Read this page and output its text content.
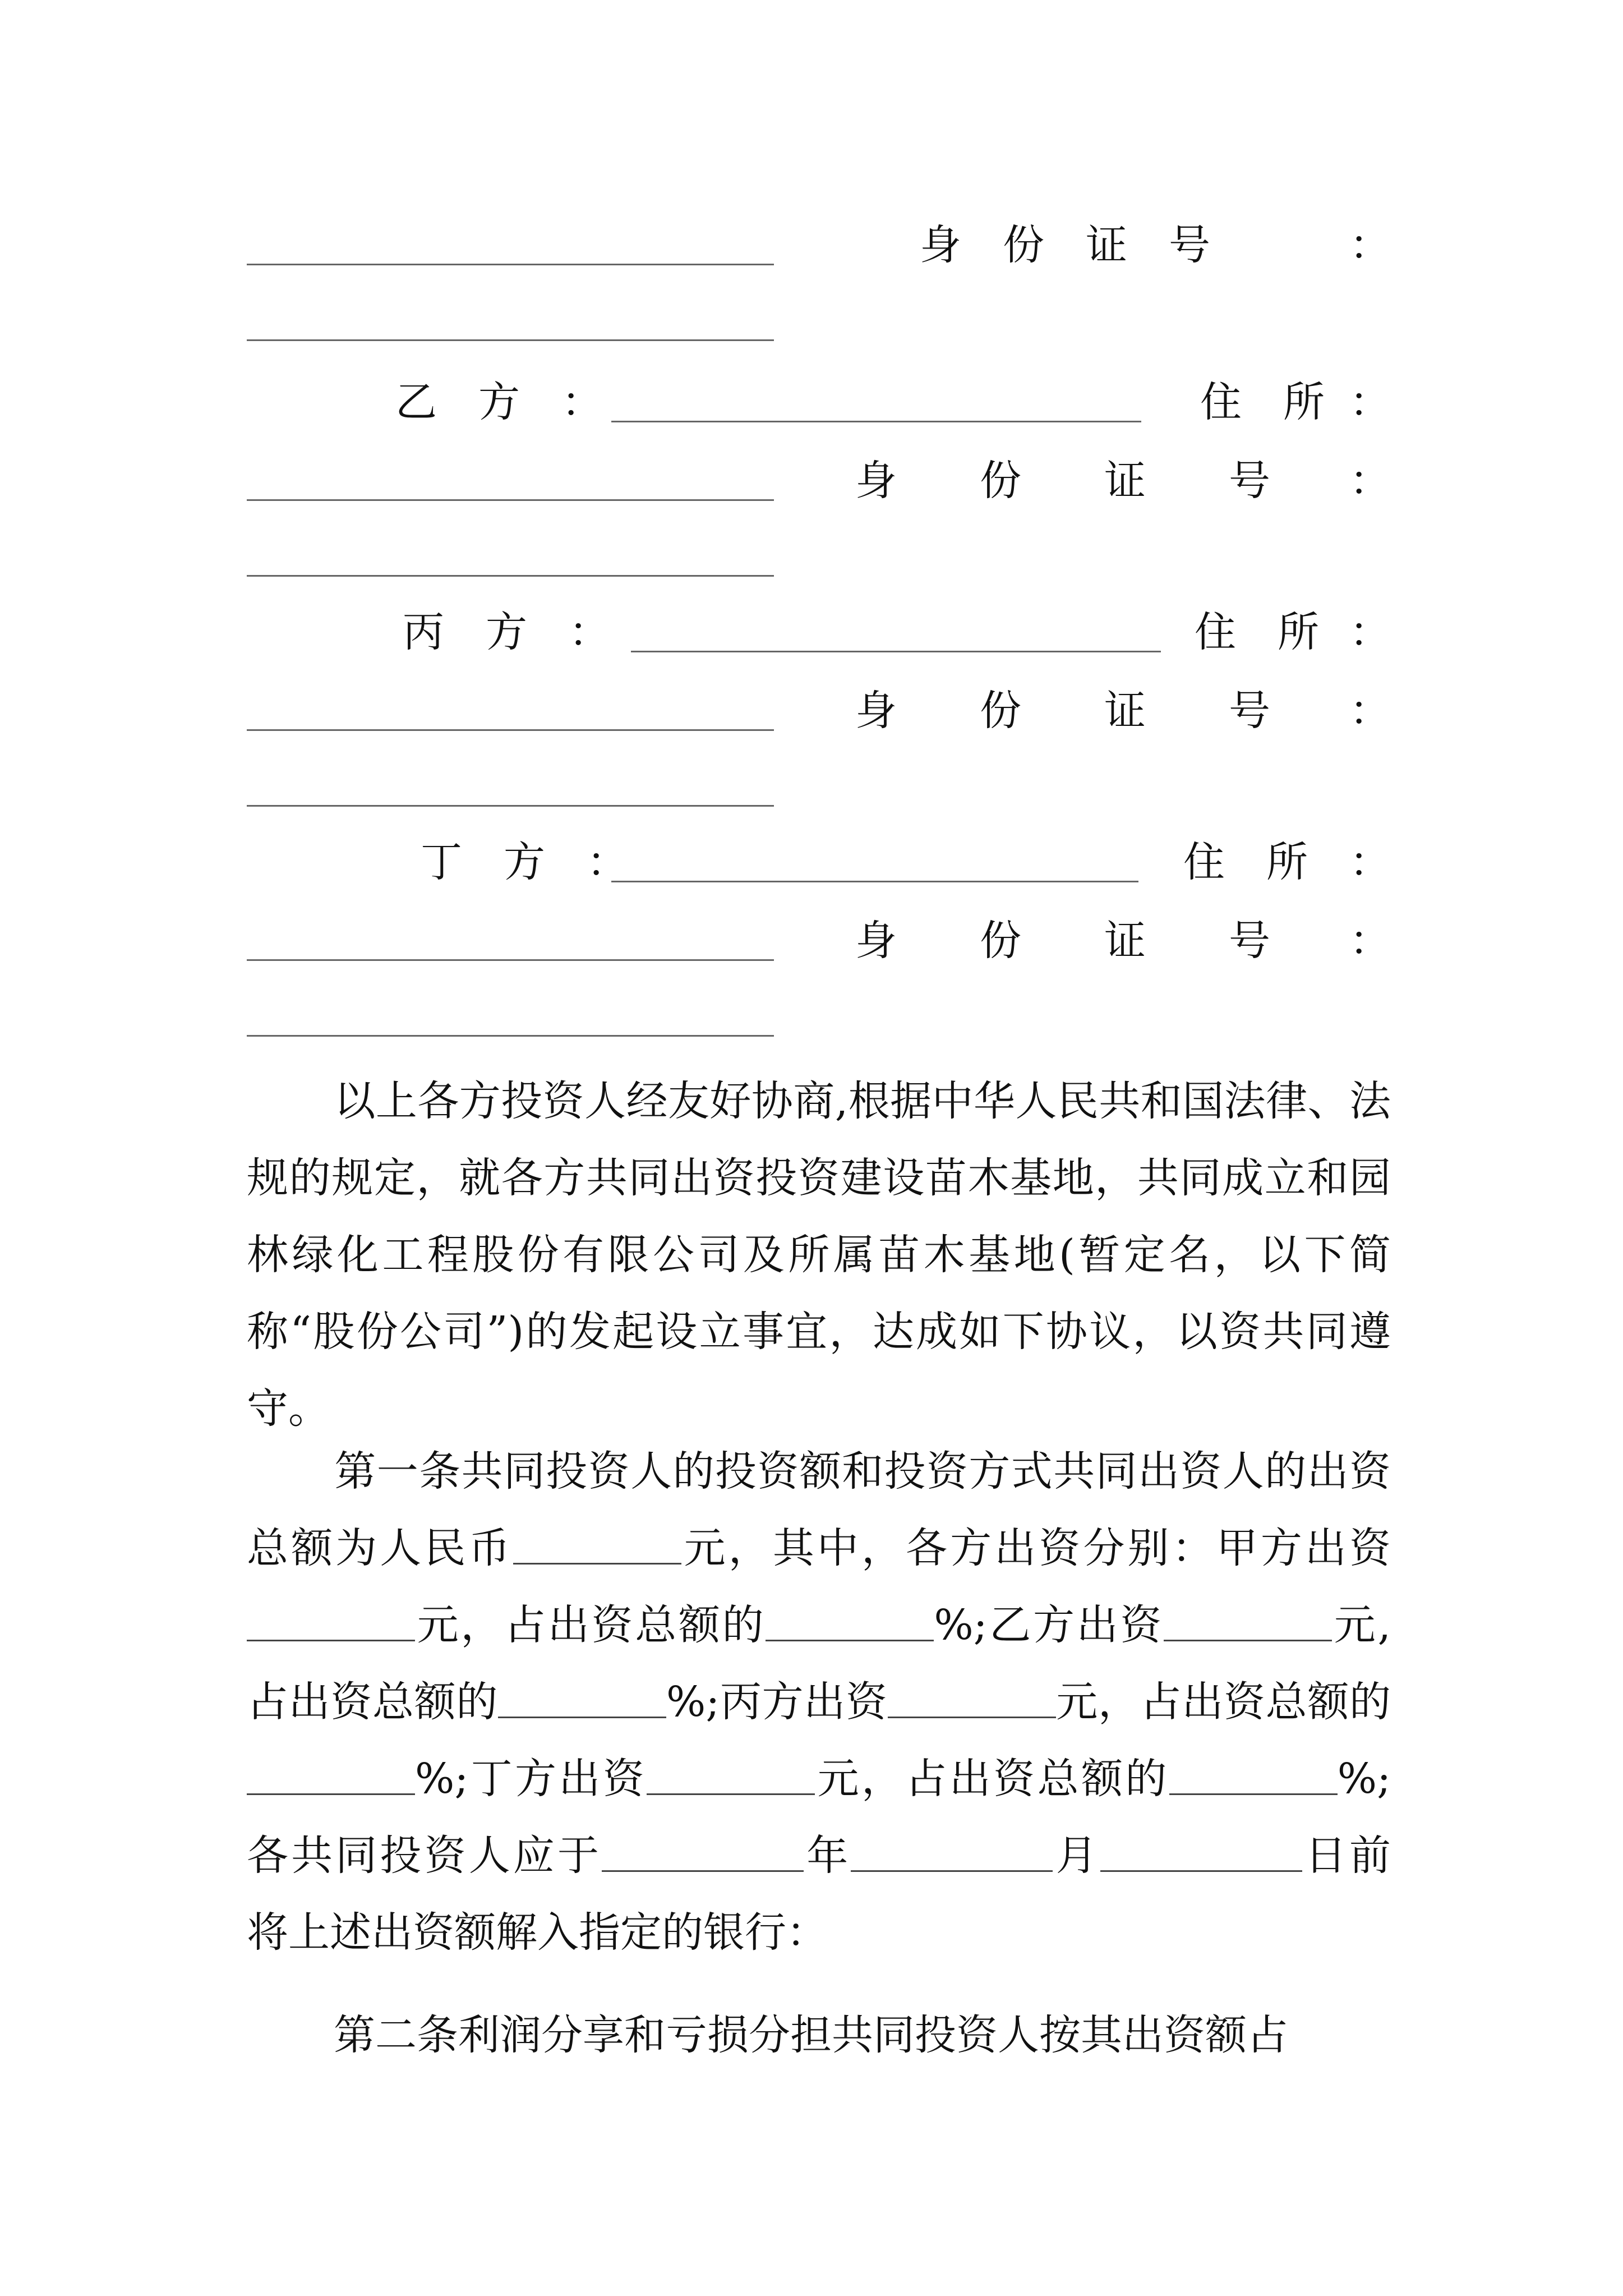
身　份　证　号	：
乙　方　：	住　所 ：
身　　份　　证　　号 ：
丙　方　：	住　所 ：
身　　份　　证　　号 ：
丁　方　：	住　所 ：
身　　份　　证　　号 ：
以上各方投资人经友好协商,根据中华人民共和国法律、法规的规定，就各方共同出资投资建设苗木基地，共同成立和园林绿化工程股份有限公司及所属苗木基地(暂定名，以下简称“股份公司”)的发起设立事宜，达成如下协议，以资共同遵守。
第一条共同投资人的投资额和投资方式共同出资人的出资总额为人民币	元，其中，各方出资分别：甲方出资元，占出资总额的	%;乙方出资	元,占出资总额的	%;丙方出资	元，占出资总额的%;丁方出资	元，占出资总额的	%;各共同投资人应于	年	月	日前将上述出资额解入指定的银行：
第二条利润分享和亏损分担共同投资人按其出资额占
